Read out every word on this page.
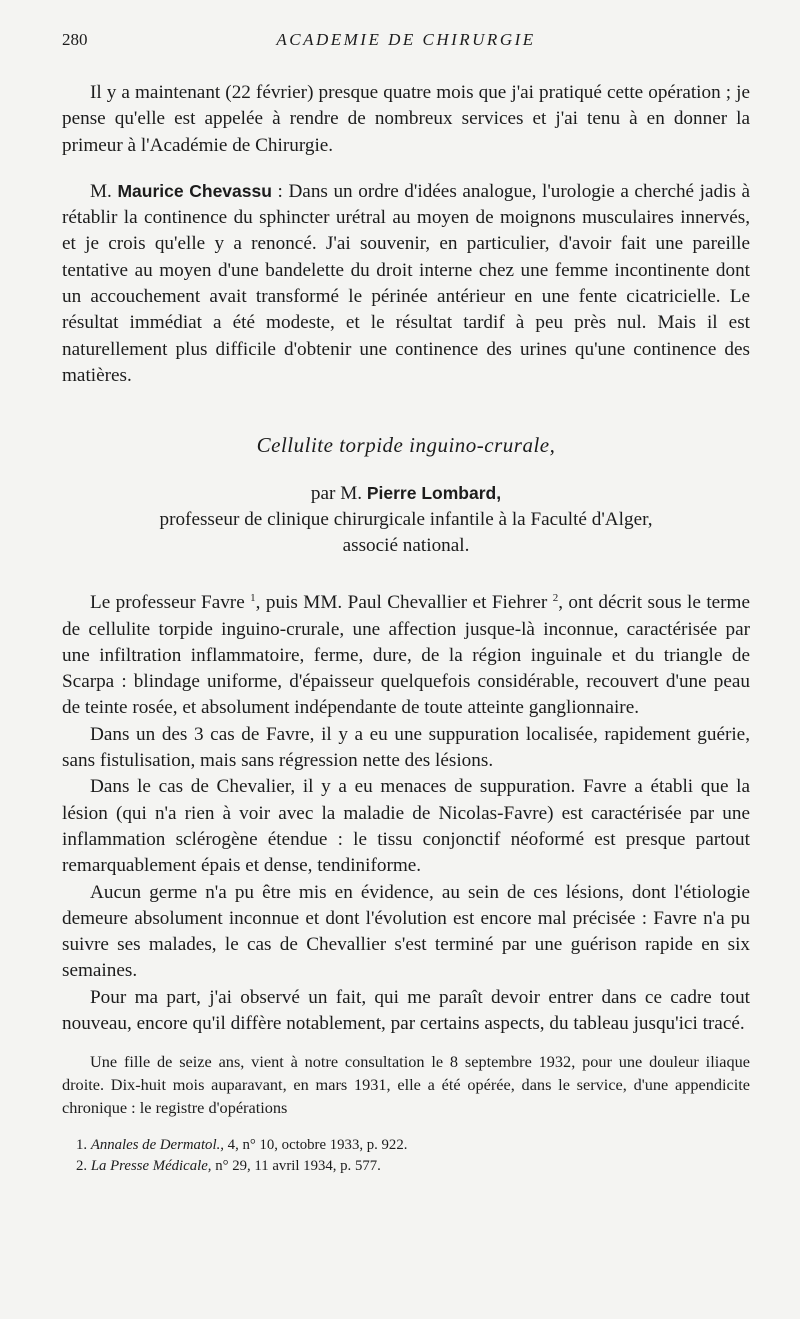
280	ACADEMIE DE CHIRURGIE

Il y a maintenant (22 février) presque quatre mois que j'ai pratiqué cette opération ; je pense qu'elle est appelée à rendre de nombreux services et j'ai tenu à en donner la primeur à l'Académie de Chirurgie.

M. Maurice Chevassu : Dans un ordre d'idées analogue, l'urologie a cherché jadis à rétablir la continence du sphincter urétral au moyen de moignons musculaires innervés, et je crois qu'elle y a renoncé. J'ai souvenir, en particulier, d'avoir fait une pareille tentative au moyen d'une bandelette du droit interne chez une femme incontinente dont un accouchement avait transformé le périnée antérieur en une fente cicatricielle. Le résultat immédiat a été modeste, et le résultat tardif à peu près nul. Mais il est naturellement plus difficile d'obtenir une continence des urines qu'une continence des matières.

Cellulite torpide inguino-crurale,
par M. Pierre Lombard,
professeur de clinique chirurgicale infantile à la Faculté d'Alger,
associé national.

Le professeur Favre $^1$, puis MM. Paul Chevallier et Fiehrer $^2$, ont décrit sous le terme de cellulite torpide inguino-crurale, une affection jusque-là inconnue, caractérisée par une infiltration inflammatoire, ferme, dure, de la région inguinale et du triangle de Scarpa : blindage uniforme, d'épaisseur quelquefois considérable, recouvert d'une peau de teinte rosée, et absolument indépendante de toute atteinte ganglionnaire.

Dans un des 3 cas de Favre, il y a eu une suppuration localisée, rapidement guérie, sans fistulisation, mais sans régression nette des lésions.

Dans le cas de Chevalier, il y a eu menaces de suppuration. Favre a établi que la lésion (qui n'a rien à voir avec la maladie de Nicolas-Favre) est caractérisée par une inflammation sclérogène étendue : le tissu conjonctif néoformé est presque partout remarquablement épais et dense, tendiniforme.

Aucun germe n'a pu être mis en évidence, au sein de ces lésions, dont l'étiologie demeure absolument inconnue et dont l'évolution est encore mal précisée : Favre n'a pu suivre ses malades, le cas de Chevallier s'est terminé par une guérison rapide en six semaines.

Pour ma part, j'ai observé un fait, qui me paraît devoir entrer dans ce cadre tout nouveau, encore qu'il diffère notablement, par certains aspects, du tableau jusqu'ici tracé.

Une fille de seize ans, vient à notre consultation le 8 septembre 1932, pour une douleur iliaque droite. Dix-huit mois auparavant, en mars 1931, elle a été opérée, dans le service, d'une appendicite chronique : le registre d'opérations

1. Annales de Dermatol., 4, n° 10, octobre 1933, p. 922.
2. La Presse Médicale, n° 29, 11 avril 1934, p. 577.
